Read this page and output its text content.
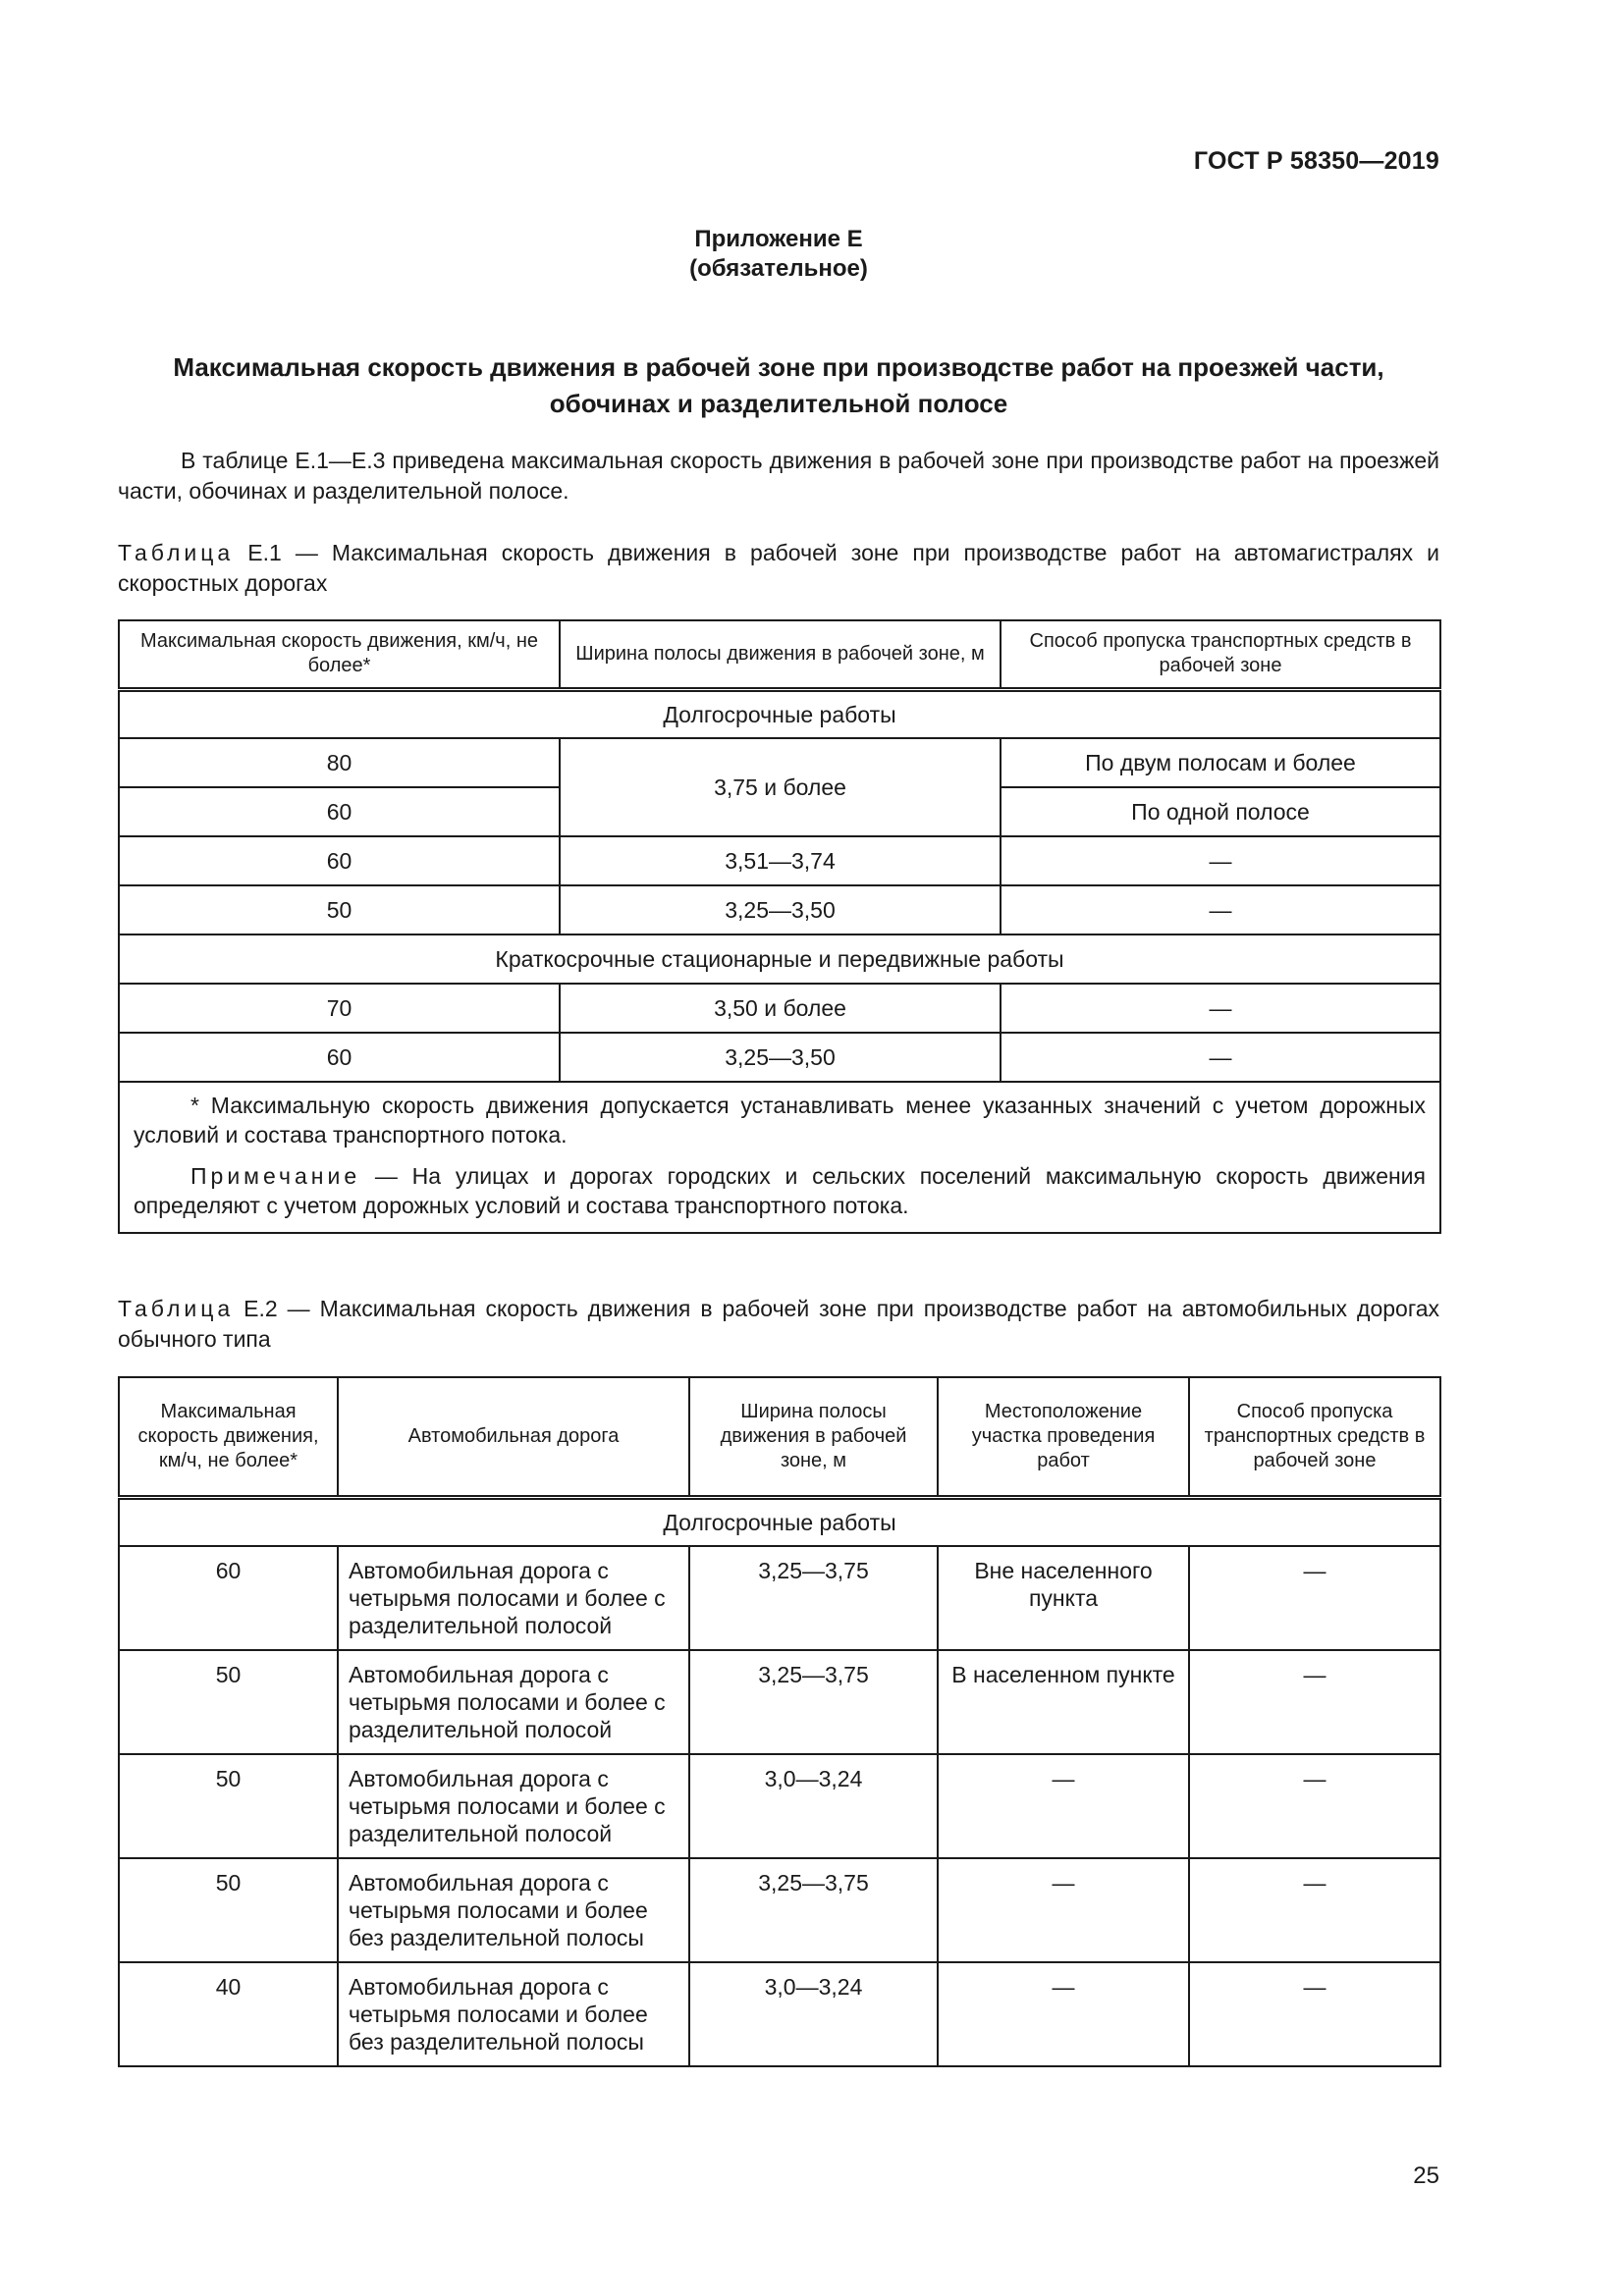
ГОСТ Р 58350—2019
Приложение Е
(обязательное)
Максимальная скорость движения в рабочей зоне при производстве работ на проезжей части,
обочинах и разделительной полосе
В таблице Е.1—Е.3 приведена максимальная скорость движения в рабочей зоне при производстве работ на проезжей части, обочинах и разделительной полосе.
Таблица Е.1 — Максимальная скорость движения в рабочей зоне при производстве работ на автомагистралях и скоростных дорогах
Максимальная скорость движения, км/ч, не более*	Ширина полосы движения в рабочей зоне, м	Способ пропуска транспортных средств в рабочей зоне
Долгосрочные работы		
80	3,75 и более	По двум полосам и более
60		По одной полосе
60	3,51—3,74	—
50	3,25—3,50	—
Краткосрочные стационарные и передвижные работы		
70	3,50 и более	—
60	3,25—3,50	—

* Максимальную скорость движения допускается устанавливать менее указанных значений с учетом дорожных условий и состава транспортного потока.

Примечание — На улицах и дорогах городских и сельских поселений максимальную скорость движения определяют с учетом дорожных условий и состава транспортного потока.		

Таблица Е.2 — Максимальная скорость движения в рабочей зоне при производстве работ на автомобильных дорогах обычного типа
Максимальная скорость движения, км/ч, не более*	Автомобильная дорога	Ширина полосы движения в рабочей зоне, м	Местоположение участка проведения работ	Способ пропуска транспортных средств в рабочей зоне
Долгосрочные работы				
60	Автомобильная дорога с четырьмя полосами и более с разделительной полосой	3,25—3,75	Вне населенного пункта	—
50	Автомобильная дорога с четырьмя полосами и более с разделительной полосой	3,25—3,75	В населенном пункте	—
50	Автомобильная дорога с четырьмя полосами и более с разделительной полосой	3,0—3,24	—	—
50	Автомобильная дорога с четырьмя полосами и более без разделительной полосы	3,25—3,75	—	—
40	Автомобильная дорога с четырьмя полосами и более без разделительной полосы	3,0—3,24	—	—
25
